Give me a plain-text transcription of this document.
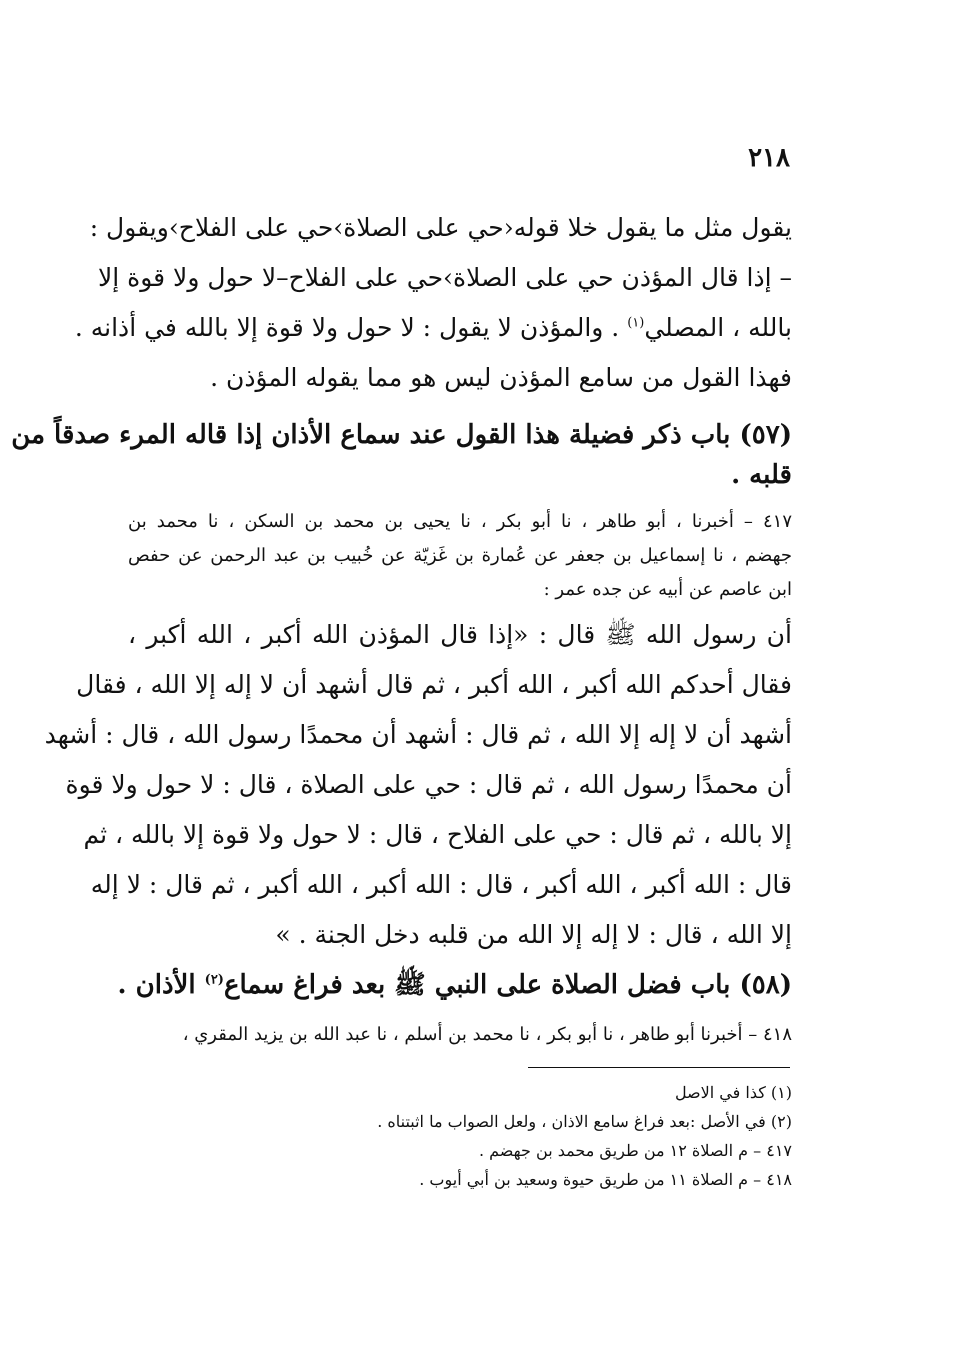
٢١٨
يقول مثل ما يقول خلا قوله‹حي على الصلاة›حي على الفلاح›ويقول :
– إذا قال المؤذن حي على الصلاة›حي على الفلاح–لا حول ولا قوة إلا
بالله ، المصلي$^{(١)}$ . والمؤذن لا يقول : لا حول ولا قوة إلا بالله في أذانه .
فهذا القول من سامع المؤذن ليس هو مما يقوله المؤذن .
(٥٧) باب ذكر فضيلة هذا القول عند سماع الأذان إذا قاله المرء صدقاً من
قلبه .
٤١٧ – أخبرنا ، أبو طاهر ، نا أبو بكر ، نا يحيى بن محمد بن السكن ، نا محمد بن
جهضم ، نا إسماعيل بن جعفر عن عُمارة بن غَزيّة عن خُبيب بن عبد الرحمن عن حفص
ابن عاصم عن أبيه عن جده عمر :
أن رسول الله ﷺ قال : «إذا قال المؤذن الله أكبر ، الله أكبر ،
فقال أحدكم الله أكبر ، الله أكبر ، ثم قال أشهد أن لا إله إلا الله ، فقال
أشهد أن لا إله إلا الله ، ثم قال : أشهد أن محمدًا رسول الله ، قال : أشهد
أن محمدًا رسول الله ، ثم قال : حي على الصلاة ، قال : لا حول ولا قوة
إلا بالله ، ثم قال : حي على الفلاح ، قال : لا حول ولا قوة إلا بالله ، ثم
قال : الله أكبر ، الله أكبر ، قال : الله أكبر ، الله أكبر ، ثم قال : لا إله
إلا الله ، قال : لا إله إلا الله من قلبه دخل الجنة . »
(٥٨) باب فضل الصلاة على النبي ﷺ بعد فراغ سماع$^{(٢)}$ الأذان .
٤١٨ – أخبرنا أبو طاهر ، نا أبو بكر ، نا محمد بن أسلم ، نا عبد الله بن يزيد المقري ،
(١) كذا في الاصل
(٢) في الأصل :بعد فراغ سامع الاذان ، ولعل الصواب ما اثبتناه .
٤١٧ – م الصلاة ١٢ من طريق محمد بن جهضم .
٤١٨ – م الصلاة ١١ من طريق حيوة وسعيد بن أبي أيوب .
